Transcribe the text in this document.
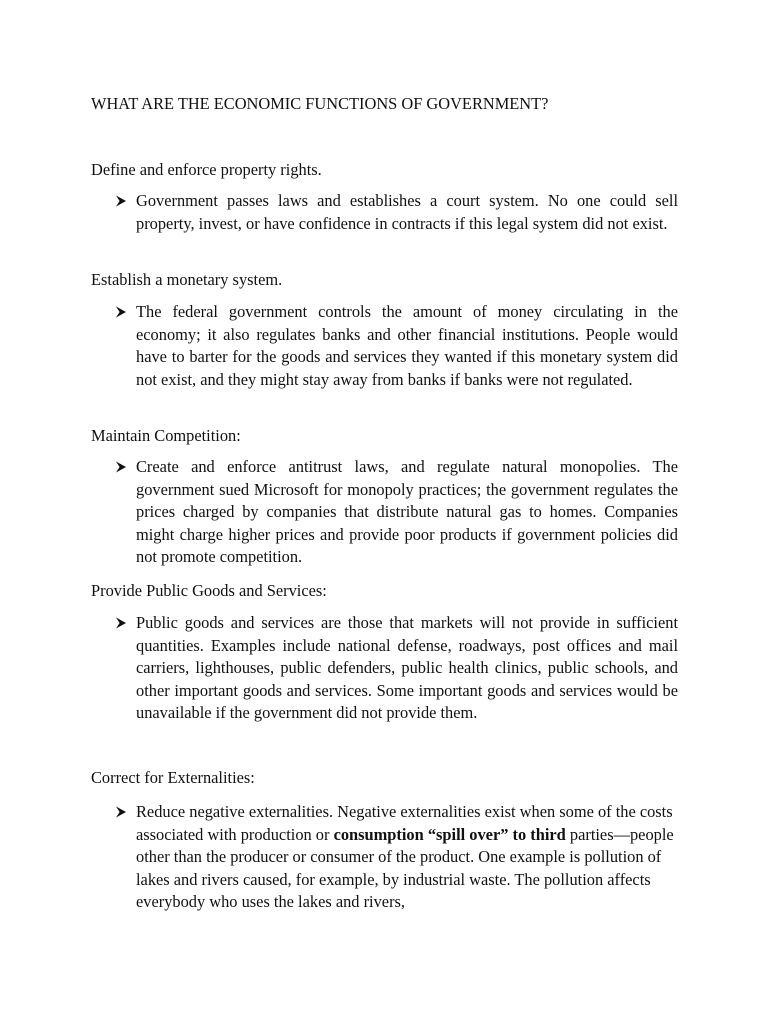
WHAT ARE THE ECONOMIC FUNCTIONS OF GOVERNMENT?

Define and enforce property rights.

Government passes laws and establishes a court system. No one could sell property, invest, or have confidence in contracts if this legal system did not exist.

Establish a monetary system.

The federal government controls the amount of money circulating in the economy; it also regulates banks and other financial institutions. People would have to barter for the goods and services they wanted if this monetary system did not exist, and they might stay away from banks if banks were not regulated.

Maintain Competition:

Create and enforce antitrust laws, and regulate natural monopolies. The government sued Microsoft for monopoly practices; the government regulates the prices charged by companies that distribute natural gas to homes. Companies might charge higher prices and provide poor products if government policies did not promote competition.

Provide Public Goods and Services:

Public goods and services are those that markets will not provide in sufficient quantities. Examples include national defense, roadways, post offices and mail carriers, lighthouses, public defenders, public health clinics, public schools, and other important goods and services. Some important goods and services would be unavailable if the government did not provide them.

Correct for Externalities:

Reduce negative externalities. Negative externalities exist when some of the costs associated with production or consumption “spill over” to third parties—people other than the producer or consumer of the product. One example is pollution of lakes and rivers caused, for example, by industrial waste. The pollution affects everybody who uses the lakes and rivers,
